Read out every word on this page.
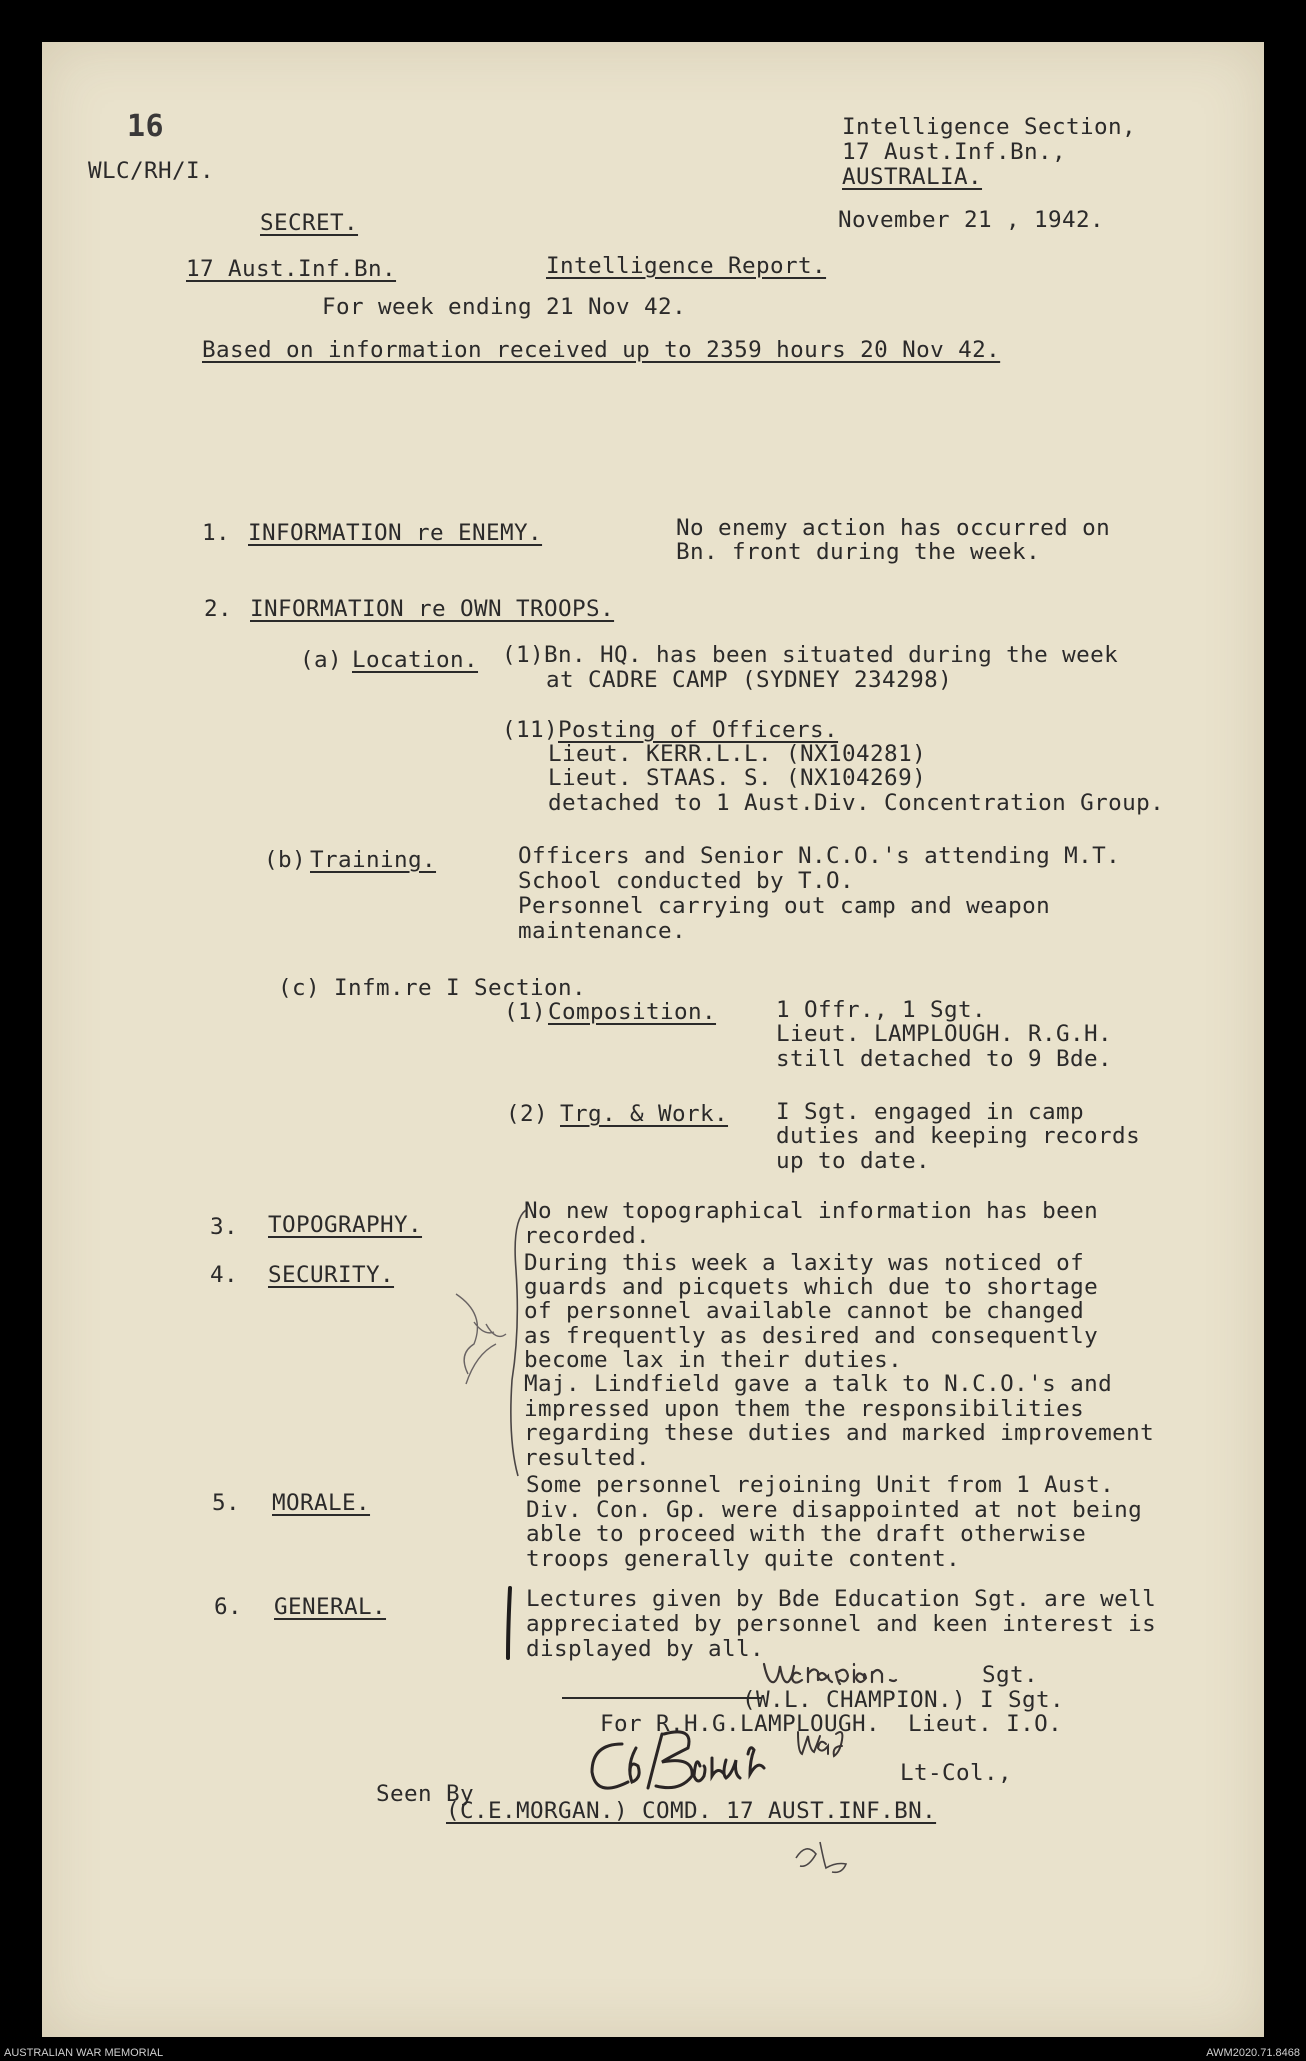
16
WLC/RH/I.
Intelligence Section,
17 Aust.Inf.Bn.,
AUSTRALIA.
SECRET.	November 21 , 1942.
17 Aust.Inf.Bn.	Intelligence Report.
For week ending 21 Nov 42.
Based on information received up to 2359 hours 20 Nov 42.
1. INFORMATION re ENEMY.	No enemy action has occurred on
Bn. front during the week.
2. INFORMATION re OWN TROOPS.
(a) Location. (1)Bn. HQ. has been situated during the week
at CADRE CAMP (SYDNEY 234298)
(11) Posting of Officers.
Lieut. KERR.L.L. (NX104281)
Lieut. STAAS. S. (NX104269)
detached to 1 Aust.Div. Concentration Group.
(b) Training.	Officers and Senior N.C.O.'s attending M.T.
School conducted by T.O.
Personnel carrying out camp and weapon
maintenance.
(c) Infm.re I Section.
(1) Composition.	1 Offr., 1 Sgt.
Lieut. LAMPLOUGH. R.G.H.
still detached to 9 Bde.
(2) Trg. & Work. I Sgt. engaged in camp
duties and keeping records
up to date.
3. TOPOGRAPHY.
No new topographical information has been
recorded.
4. SECURITY.	During this week a laxity was noticed of
guards and picquets which due to shortage
of personnel available cannot be changed
as frequently as desired and consequently
become lax in their duties.
Maj. Lindfield gave a talk to N.C.O.'s and
impressed upon them the responsibilities
regarding these duties and marked improvement
resulted.
5. MORALE.
Some personnel rejoining Unit from 1 Aust.
Div. Con. Gp. were disappointed at not being
able to proceed with the draft otherwise
troops generally quite content.
6. GENERAL.	Lectures given by Bde Education Sgt. are well
appreciated by personnel and keen interest is
displayed by all.
Sgt.
(W.L. CHAMPION.) I Sgt.
For R.H.G.LAMPLOUGH.  Lieut. I.O.
Seen By
Lt-Col.,
(C.E.MORGAN.) COMD. 17 AUST.INF.BN.
AUSTRALIAN WAR MEMORIAL	AWM2020.71.8468
